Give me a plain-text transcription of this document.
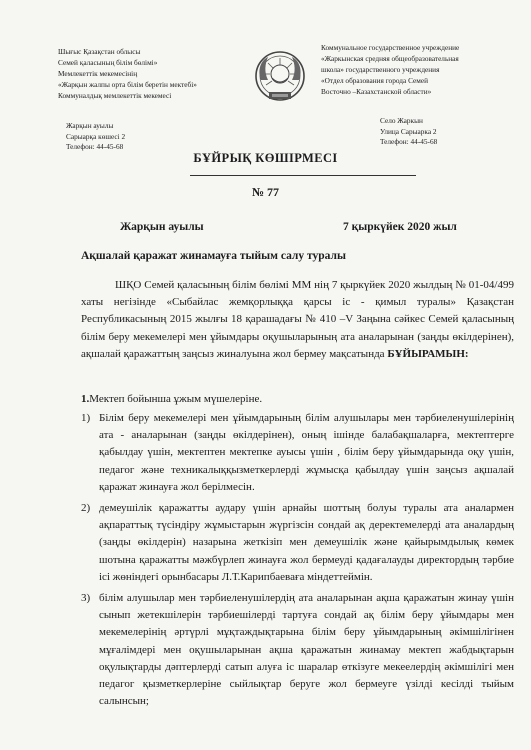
Шығыс Қазақстан облысы
Семей қаласының білім бөлімі»
Мемлекеттік мекемесінің
«Жарқын жалпы орта білім беретін мектебі»
Коммуналдық мемлекеттік мекемесі
Коммунальное государственное учреждение
«Жаркынская средняя общеобразовательная
школа» государственного учреждения
«Отдел образования города Семей
Восточно –Казахстанской области»
Жарқын ауылы
Сарыарқа көшесі 2
Телефон: 44-45-68
Село Жаркын
Улица Сарыарка 2
Телефон: 44-45-68
БҰЙРЫҚ КӨШІРМЕСІ
№ 77
Жарқын ауылы	7 қыркүйек 2020 жыл
Ақшалай қаражат жинамауға тыйым салу туралы
ШҚО Семей қаласының білім бөлімі ММ нің 7 қыркүйек 2020 жылдың № 01-04/499 хаты негізінде «Сыбайлас жемқорлыққа қарсы іс - қимыл туралы» Қазақстан Республикасының 2015 жылғы 18 қарашадағы № 410 –V Заңына сәйкес Семей қаласының білім беру мекемелері мен ұйымдары оқушыларының ата аналарынан (заңды өкілдерінен), ақшалай қаражаттың заңсыз жиналуына жол бермеу мақсатында БҰЙЫРАМЫН:
1.Мектеп бойынша ұжым мүшелеріне.
1) Білім беру мекемелері мен ұйымдарының білім алушылары мен тәрбиеленушілерінің ата - аналарынан (заңды өкілдерінен), оның ішінде балабақшаларға, мектептерге қабылдау үшін, мектептен мектепке ауысы үшін , білім беру ұйымдарында оқу үшін, педагог және техникалыққызметкерлерді жұмысқа қабылдау үшін заңсыз ақшалай қаражат жинауға жол берілмесін.
2) демеушілік қаражатты аудару үшін арнайы шоттың болуы туралы ата аналармен ақпараттық түсіндіру жұмыстарын жүргізсін сондай ақ деректемелерді ата аналардың (заңды өкілдерін) назарына жеткізіп мен демеушілік және қайырымдылық көмек шотына қаражатты мәжбүрлеп жинауға жол бермеуді қадағалауды директордың тәрбие ісі жөніндегі орынбасары Л.Т.Карипбаеваға міндеттеймін.
3) білім алушылар мен тәрбиеленушілердің ата аналарынан ақша қаражатын жинау үшін сынып жетекшілерін тәрбиешілерді тартуға сондай ақ білім беру ұйымдары мен мекемелерінің әртүрлі мұқтаждықтарына білім беру ұйымдарының әкімшілігінен мұғалімдері мен оқушыларынан ақша қаражатын жинамау мектеп жабдықтарын оқулықтарды дәптерлерді сатып алуға іс шаралар өткізуге мекеелердің әкімшілігі мен педагог қызметкерлеріне сыйлықтар беруге жол бермеуге үзілді кесілді тыйым салынсын;
